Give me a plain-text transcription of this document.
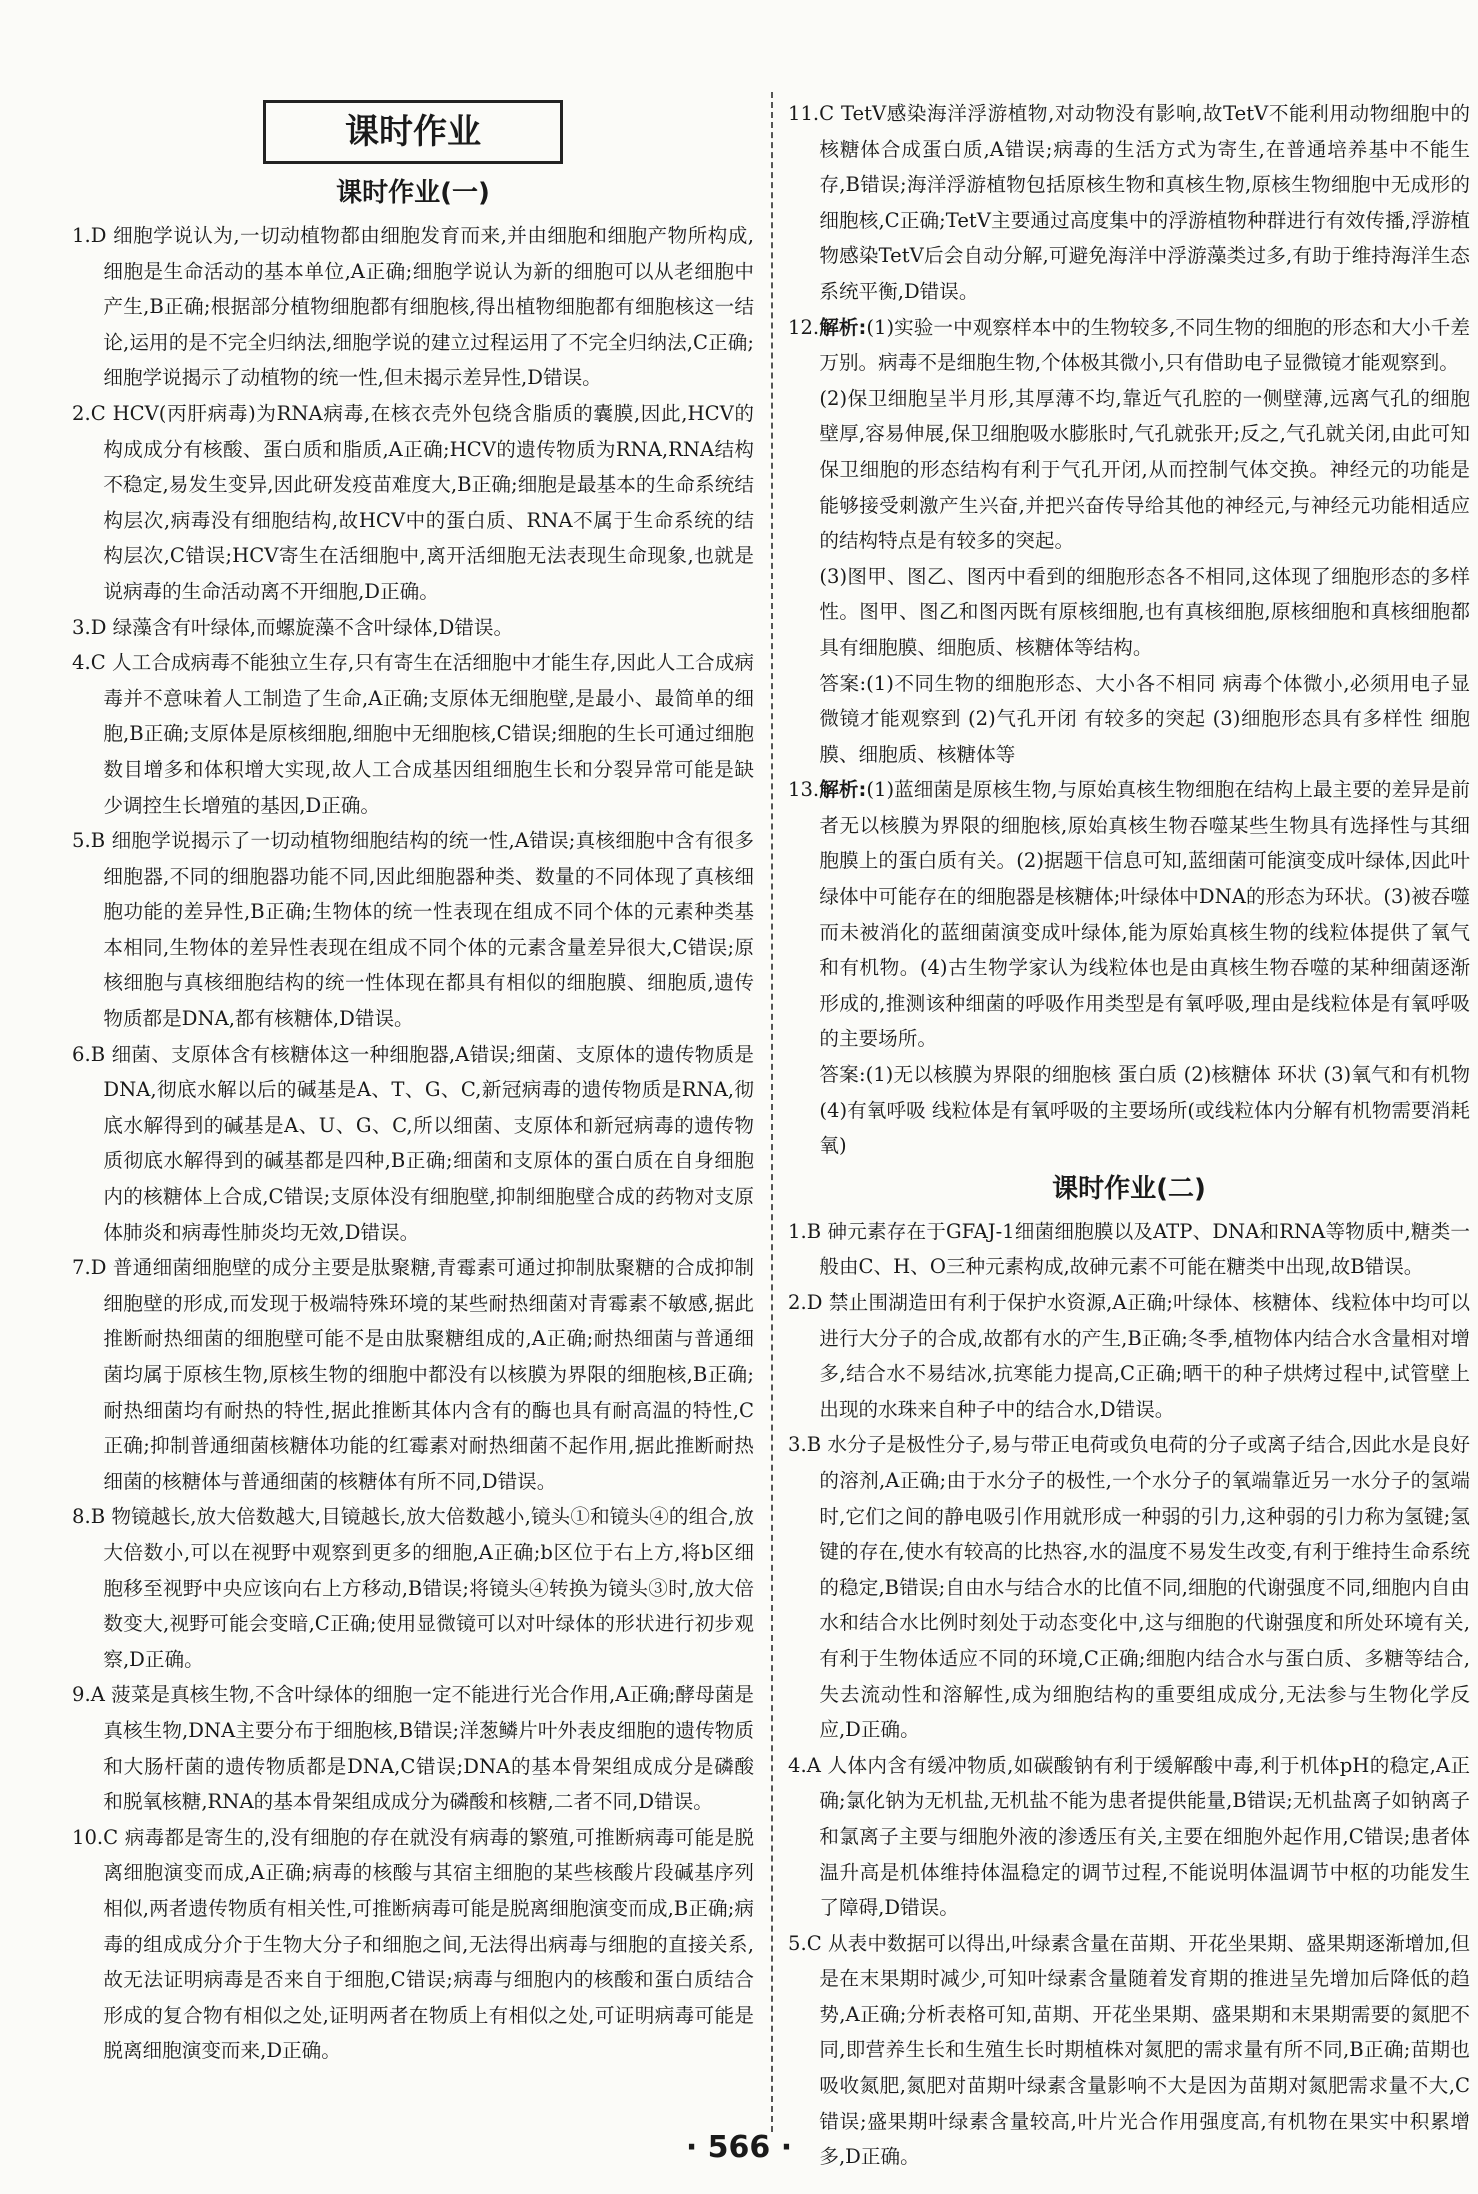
课时作业
课时作业(一)

1.D 细胞学说认为,一切动植物都由细胞发育而来,并由细胞和细胞产物所构成,细胞是生命活动的基本单位,A正确;细胞学说认为新的细胞可以从老细胞中产生,B正确;根据部分植物细胞都有细胞核,得出植物细胞都有细胞核这一结论,运用的是不完全归纳法,细胞学说的建立过程运用了不完全归纳法,C正确;细胞学说揭示了动植物的统一性,但未揭示差异性,D错误。

2.C HCV(丙肝病毒)为RNA病毒,在核衣壳外包绕含脂质的囊膜,因此,HCV的构成成分有核酸、蛋白质和脂质,A正确;HCV的遗传物质为RNA,RNA结构不稳定,易发生变异,因此研发疫苗难度大,B正确;细胞是最基本的生命系统结构层次,病毒没有细胞结构,故HCV中的蛋白质、RNA不属于生命系统的结构层次,C错误;HCV寄生在活细胞中,离开活细胞无法表现生命现象,也就是说病毒的生命活动离不开细胞,D正确。

3.D 绿藻含有叶绿体,而螺旋藻不含叶绿体,D错误。

4.C 人工合成病毒不能独立生存,只有寄生在活细胞中才能生存,因此人工合成病毒并不意味着人工制造了生命,A正确;支原体无细胞壁,是最小、最简单的细胞,B正确;支原体是原核细胞,细胞中无细胞核,C错误;细胞的生长可通过细胞数目增多和体积增大实现,故人工合成基因组细胞生长和分裂异常可能是缺少调控生长增殖的基因,D正确。

5.B 细胞学说揭示了一切动植物细胞结构的统一性,A错误;真核细胞中含有很多细胞器,不同的细胞器功能不同,因此细胞器种类、数量的不同体现了真核细胞功能的差异性,B正确;生物体的统一性表现在组成不同个体的元素种类基本相同,生物体的差异性表现在组成不同个体的元素含量差异很大,C错误;原核细胞与真核细胞结构的统一性体现在都具有相似的细胞膜、细胞质,遗传物质都是DNA,都有核糖体,D错误。

6.B 细菌、支原体含有核糖体这一种细胞器,A错误;细菌、支原体的遗传物质是DNA,彻底水解以后的碱基是A、T、G、C,新冠病毒的遗传物质是RNA,彻底水解得到的碱基是A、U、G、C,所以细菌、支原体和新冠病毒的遗传物质彻底水解得到的碱基都是四种,B正确;细菌和支原体的蛋白质在自身细胞内的核糖体上合成,C错误;支原体没有细胞壁,抑制细胞壁合成的药物对支原体肺炎和病毒性肺炎均无效,D错误。

7.D 普通细菌细胞壁的成分主要是肽聚糖,青霉素可通过抑制肽聚糖的合成抑制细胞壁的形成,而发现于极端特殊环境的某些耐热细菌对青霉素不敏感,据此推断耐热细菌的细胞壁可能不是由肽聚糖组成的,A正确;耐热细菌与普通细菌均属于原核生物,原核生物的细胞中都没有以核膜为界限的细胞核,B正确;耐热细菌均有耐热的特性,据此推断其体内含有的酶也具有耐高温的特性,C正确;抑制普通细菌核糖体功能的红霉素对耐热细菌不起作用,据此推断耐热细菌的核糖体与普通细菌的核糖体有所不同,D错误。

8.B 物镜越长,放大倍数越大,目镜越长,放大倍数越小,镜头①和镜头④的组合,放大倍数小,可以在视野中观察到更多的细胞,A正确;b区位于右上方,将b区细胞移至视野中央应该向右上方移动,B错误;将镜头④转换为镜头③时,放大倍数变大,视野可能会变暗,C正确;使用显微镜可以对叶绿体的形状进行初步观察,D正确。

9.A 菠菜是真核生物,不含叶绿体的细胞一定不能进行光合作用,A正确;酵母菌是真核生物,DNA主要分布于细胞核,B错误;洋葱鳞片叶外表皮细胞的遗传物质和大肠杆菌的遗传物质都是DNA,C错误;DNA的基本骨架组成成分是磷酸和脱氧核糖,RNA的基本骨架组成成分为磷酸和核糖,二者不同,D错误。

10.C 病毒都是寄生的,没有细胞的存在就没有病毒的繁殖,可推断病毒可能是脱离细胞演变而成,A正确;病毒的核酸与其宿主细胞的某些核酸片段碱基序列相似,两者遗传物质有相关性,可推断病毒可能是脱离细胞演变而成,B正确;病毒的组成成分介于生物大分子和细胞之间,无法得出病毒与细胞的直接关系,故无法证明病毒是否来自于细胞,C错误;病毒与细胞内的核酸和蛋白质结合形成的复合物有相似之处,证明两者在物质上有相似之处,可证明病毒可能是脱离细胞演变而来,D正确。

11.C TetV感染海洋浮游植物,对动物没有影响,故TetV不能利用动物细胞中的核糖体合成蛋白质,A错误;病毒的生活方式为寄生,在普通培养基中不能生存,B错误;海洋浮游植物包括原核生物和真核生物,原核生物细胞中无成形的细胞核,C正确;TetV主要通过高度集中的浮游植物种群进行有效传播,浮游植物感染TetV后会自动分解,可避免海洋中浮游藻类过多,有助于维持海洋生态系统平衡,D错误。

12.解析:(1)实验一中观察样本中的生物较多,不同生物的细胞的形态和大小千差万别。病毒不是细胞生物,个体极其微小,只有借助电子显微镜才能观察到。

(2)保卫细胞呈半月形,其厚薄不均,靠近气孔腔的一侧壁薄,远离气孔的细胞壁厚,容易伸展,保卫细胞吸水膨胀时,气孔就张开;反之,气孔就关闭,由此可知保卫细胞的形态结构有利于气孔开闭,从而控制气体交换。神经元的功能是能够接受刺激产生兴奋,并把兴奋传导给其他的神经元,与神经元功能相适应的结构特点是有较多的突起。

(3)图甲、图乙、图丙中看到的细胞形态各不相同,这体现了细胞形态的多样性。图甲、图乙和图丙既有原核细胞,也有真核细胞,原核细胞和真核细胞都具有细胞膜、细胞质、核糖体等结构。

答案:(1)不同生物的细胞形态、大小各不相同 病毒个体微小,必须用电子显微镜才能观察到 (2)气孔开闭 有较多的突起 (3)细胞形态具有多样性 细胞膜、细胞质、核糖体等

13.解析:(1)蓝细菌是原核生物,与原始真核生物细胞在结构上最主要的差异是前者无以核膜为界限的细胞核,原始真核生物吞噬某些生物具有选择性与其细胞膜上的蛋白质有关。(2)据题干信息可知,蓝细菌可能演变成叶绿体,因此叶绿体中可能存在的细胞器是核糖体;叶绿体中DNA的形态为环状。(3)被吞噬而未被消化的蓝细菌演变成叶绿体,能为原始真核生物的线粒体提供了氧气和有机物。(4)古生物学家认为线粒体也是由真核生物吞噬的某种细菌逐渐形成的,推测该种细菌的呼吸作用类型是有氧呼吸,理由是线粒体是有氧呼吸的主要场所。

答案:(1)无以核膜为界限的细胞核 蛋白质 (2)核糖体 环状 (3)氧气和有机物 (4)有氧呼吸 线粒体是有氧呼吸的主要场所(或线粒体内分解有机物需要消耗氧)

课时作业(二)

1.B 砷元素存在于GFAJ-1细菌细胞膜以及ATP、DNA和RNA等物质中,糖类一般由C、H、O三种元素构成,故砷元素不可能在糖类中出现,故B错误。

2.D 禁止围湖造田有利于保护水资源,A正确;叶绿体、核糖体、线粒体中均可以进行大分子的合成,故都有水的产生,B正确;冬季,植物体内结合水含量相对增多,结合水不易结冰,抗寒能力提高,C正确;晒干的种子烘烤过程中,试管壁上出现的水珠来自种子中的结合水,D错误。

3.B 水分子是极性分子,易与带正电荷或负电荷的分子或离子结合,因此水是良好的溶剂,A正确;由于水分子的极性,一个水分子的氧端靠近另一水分子的氢端时,它们之间的静电吸引作用就形成一种弱的引力,这种弱的引力称为氢键;氢键的存在,使水有较高的比热容,水的温度不易发生改变,有利于维持生命系统的稳定,B错误;自由水与结合水的比值不同,细胞的代谢强度不同,细胞内自由水和结合水比例时刻处于动态变化中,这与细胞的代谢强度和所处环境有关,有利于生物体适应不同的环境,C正确;细胞内结合水与蛋白质、多糖等结合,失去流动性和溶解性,成为细胞结构的重要组成成分,无法参与生物化学反应,D正确。

4.A 人体内含有缓冲物质,如碳酸钠有利于缓解酸中毒,利于机体pH的稳定,A正确;氯化钠为无机盐,无机盐不能为患者提供能量,B错误;无机盐离子如钠离子和氯离子主要与细胞外液的渗透压有关,主要在细胞外起作用,C错误;患者体温升高是机体维持体温稳定的调节过程,不能说明体温调节中枢的功能发生了障碍,D错误。

5.C 从表中数据可以得出,叶绿素含量在苗期、开花坐果期、盛果期逐渐增加,但是在末果期时减少,可知叶绿素含量随着发育期的推进呈先增加后降低的趋势,A正确;分析表格可知,苗期、开花坐果期、盛果期和末果期需要的氮肥不同,即营养生长和生殖生长时期植株对氮肥的需求量有所不同,B正确;苗期也吸收氮肥,氮肥对苗期叶绿素含量影响不大是因为苗期对氮肥需求量不大,C错误;盛果期叶绿素含量较高,叶片光合作用强度高,有机物在果实中积累增多,D正确。

· 566 ·
